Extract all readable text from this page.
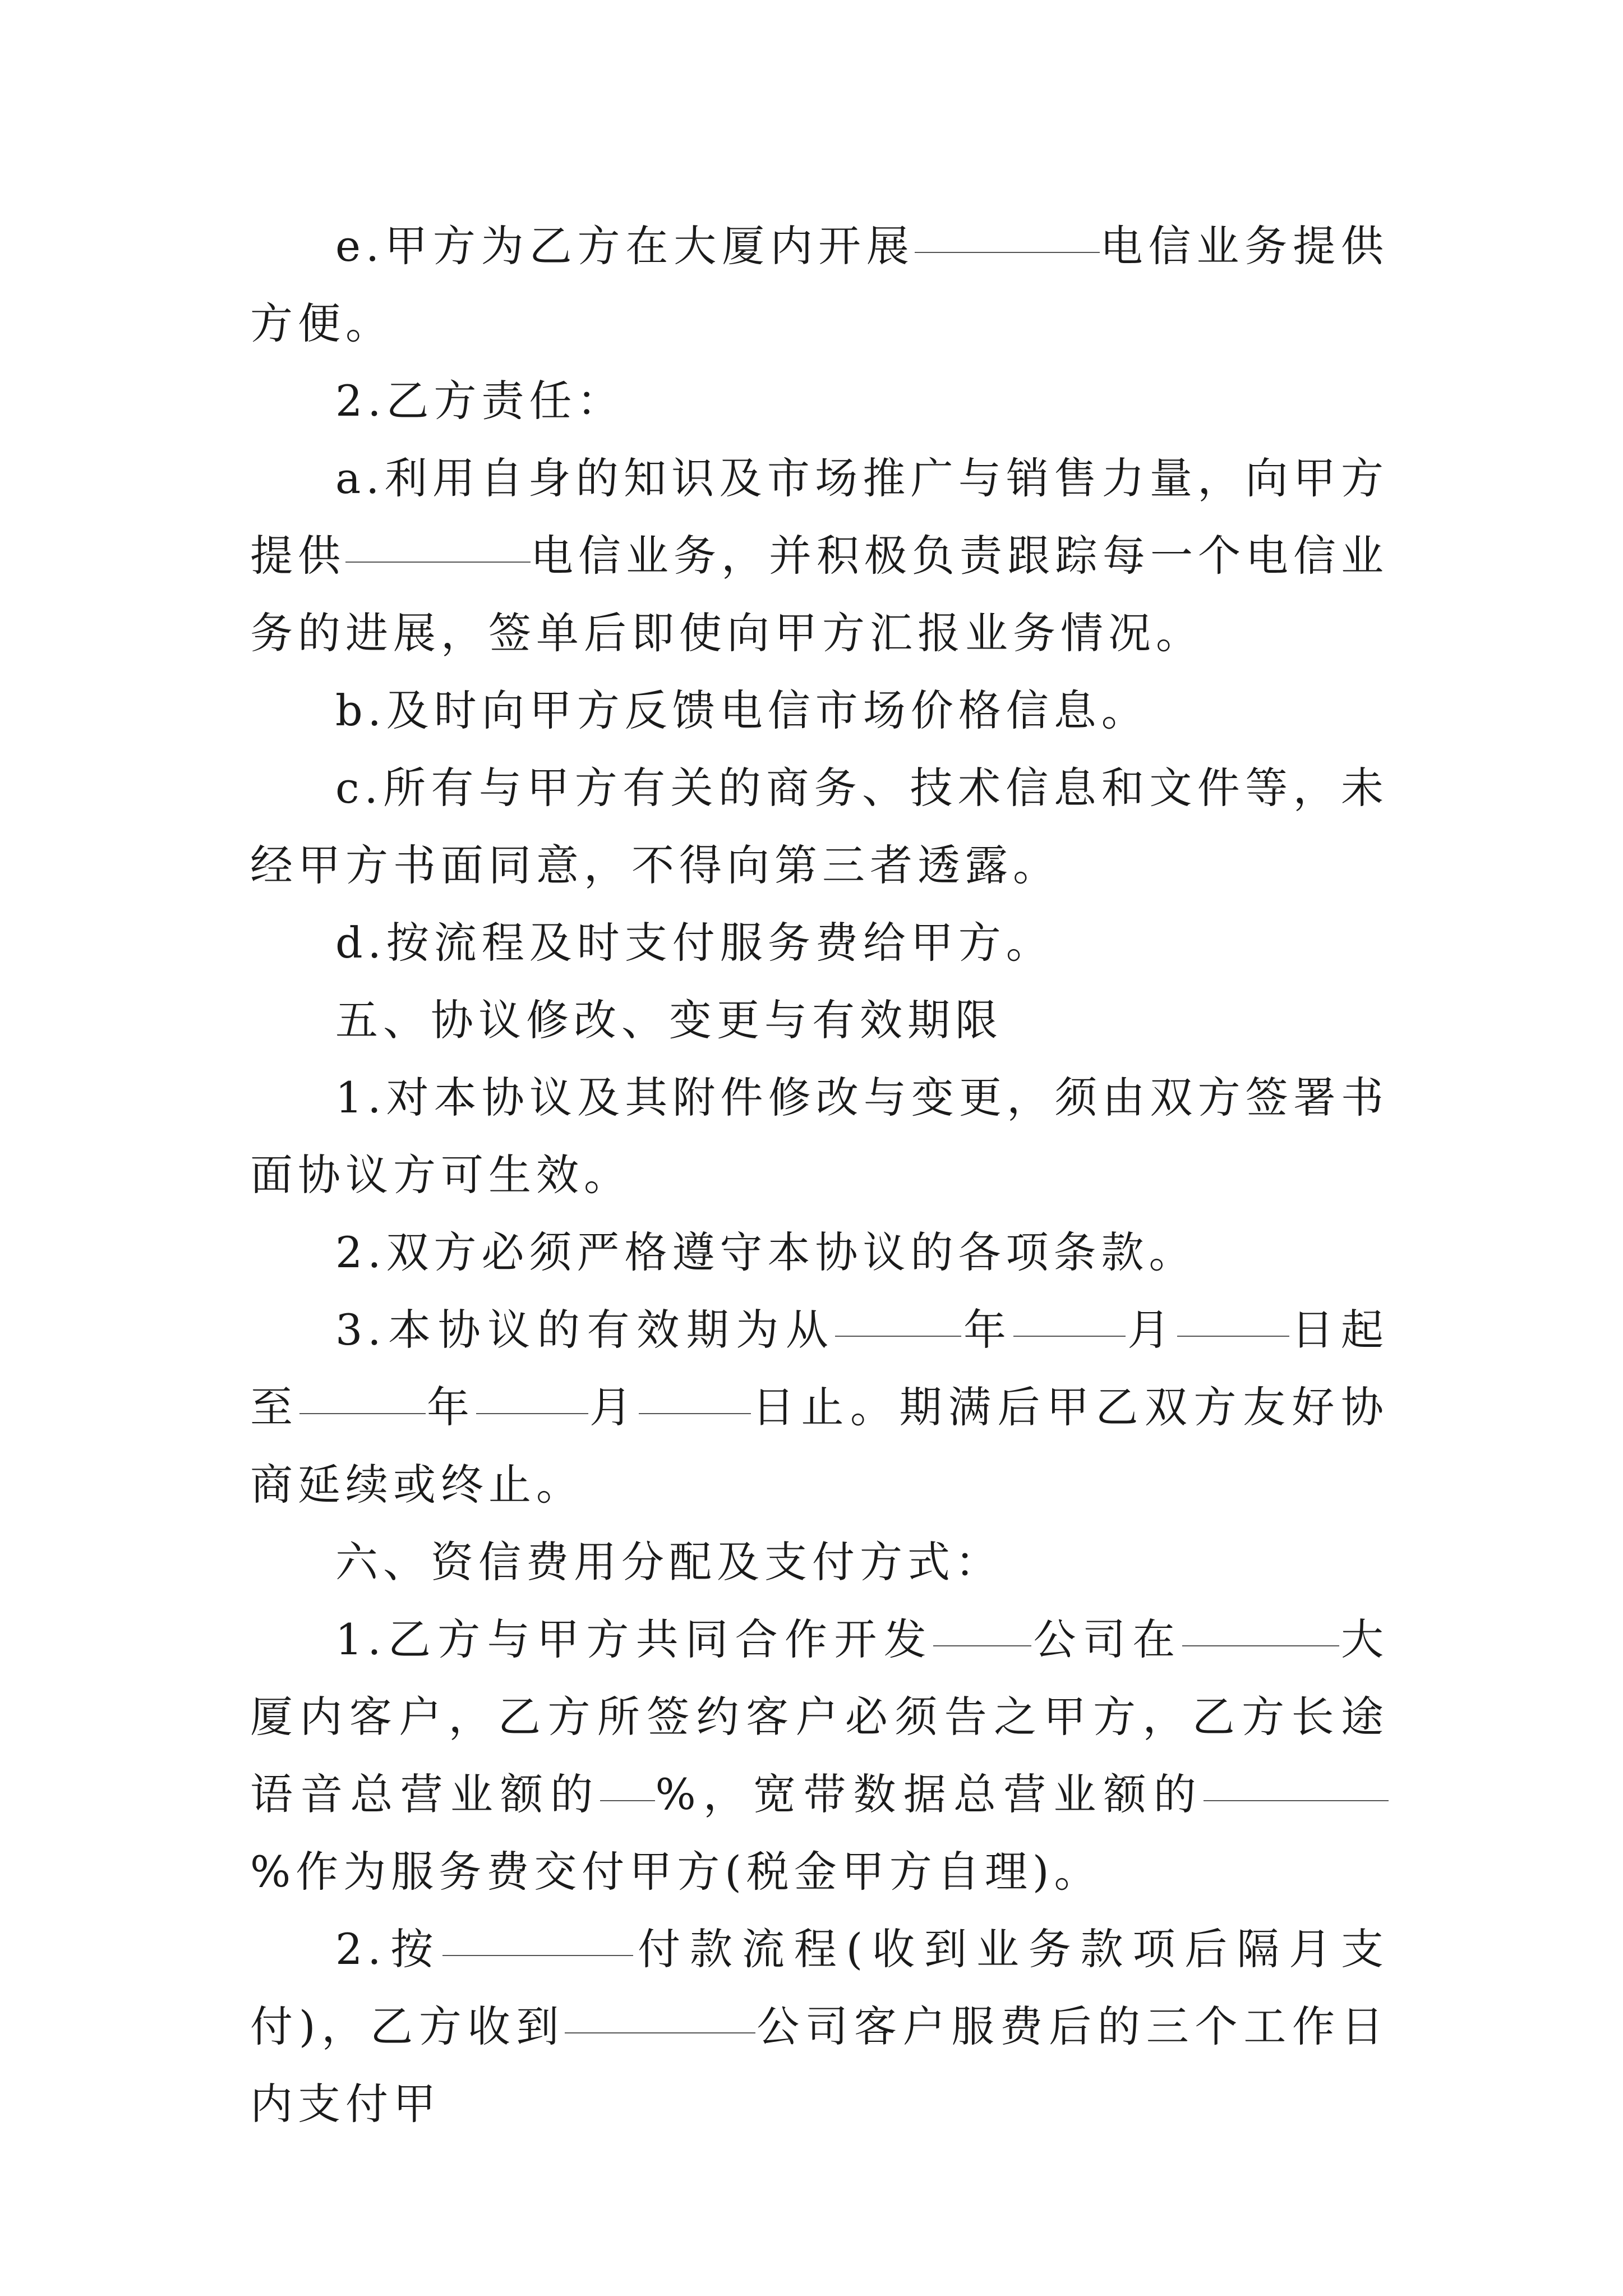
e.甲方为乙方在大厦内开展	电信业务提供方便。

2.乙方责任：

a.利用自身的知识及市场推广与销售力量，向甲方提供	电信业务，并积极负责跟踪每一个电信业务的进展，签单后即使向甲方汇报业务情况。

b.及时向甲方反馈电信市场价格信息。

c.所有与甲方有关的商务、技术信息和文件等，未经甲方书面同意，不得向第三者透露。

d.按流程及时支付服务费给甲方。

五、协议修改、变更与有效期限

1.对本协议及其附件修改与变更，须由双方签署书面协议方可生效。

2.双方必须严格遵守本协议的各项条款。

3.本协议的有效期为从	年	月	日起至	年	月	日止。期满后甲乙双方友好协商延续或终止。

六、资信费用分配及支付方式：

1.乙方与甲方共同合作开发 公司在	大厦内客户，乙方所签约客户必须告之甲方，乙方长途语音总营业额的 %，宽带数据总营业额的%作为服务费交付甲方(税金甲方自理)。

2.按	付款流程(收到业务款项后隔月支付)，乙方收到	公司客户服费后的三个工作日内支付甲
